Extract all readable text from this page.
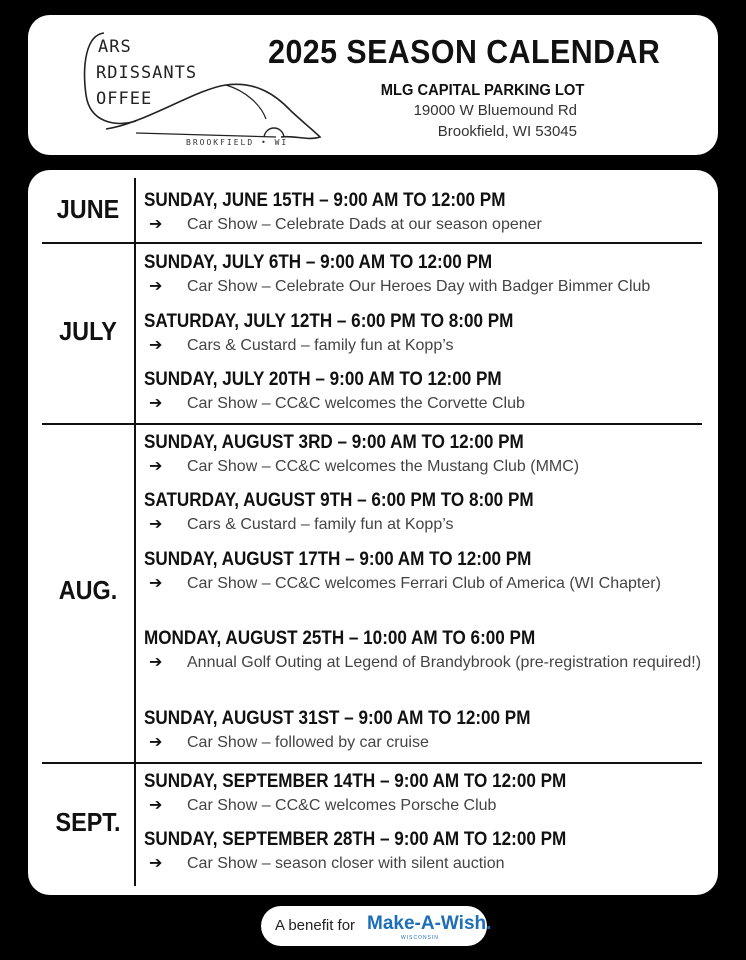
ARS
RDISSANTS
OFFEE
BROOKFIELD • WI
2025 SEASON CALENDAR
MLG CAPITAL PARKING LOT
19000 W Bluemound Rd
Brookfield, WI 53045
JUNE
JULY
AUG.
SEPT.
SUNDAY, JUNE 15TH – 9:00 AM TO 12:00 PM
➔ Car Show – Celebrate Dads at our season opener
SUNDAY, JULY 6TH – 9:00 AM TO 12:00 PM
➔ Car Show – Celebrate Our Heroes Day with Badger Bimmer Club
SATURDAY, JULY 12TH – 6:00 PM TO 8:00 PM
➔ Cars & Custard – family fun at Kopp’s
SUNDAY, JULY 20TH – 9:00 AM TO 12:00 PM
➔ Car Show – CC&C welcomes the Corvette Club
SUNDAY, AUGUST 3RD – 9:00 AM TO 12:00 PM
➔ Car Show – CC&C welcomes the Mustang Club (MMC)
SATURDAY, AUGUST 9TH – 6:00 PM TO 8:00 PM
➔ Cars & Custard – family fun at Kopp’s
SUNDAY, AUGUST 17TH – 9:00 AM TO 12:00 PM
➔ Car Show – CC&C welcomes Ferrari Club of America (WI Chapter)
MONDAY, AUGUST 25TH – 10:00 AM TO 6:00 PM
➔ Annual Golf Outing at Legend of Brandybrook (pre-registration required!)
SUNDAY, AUGUST 31ST – 9:00 AM TO 12:00 PM
➔ Car Show – followed by car cruise
SUNDAY, SEPTEMBER 14TH – 9:00 AM TO 12:00 PM
➔ Car Show – CC&C welcomes Porsche Club
SUNDAY, SEPTEMBER 28TH – 9:00 AM TO 12:00 PM
➔ Car Show – season closer with silent auction
A benefit for Make-A-Wish.
WISCONSIN
